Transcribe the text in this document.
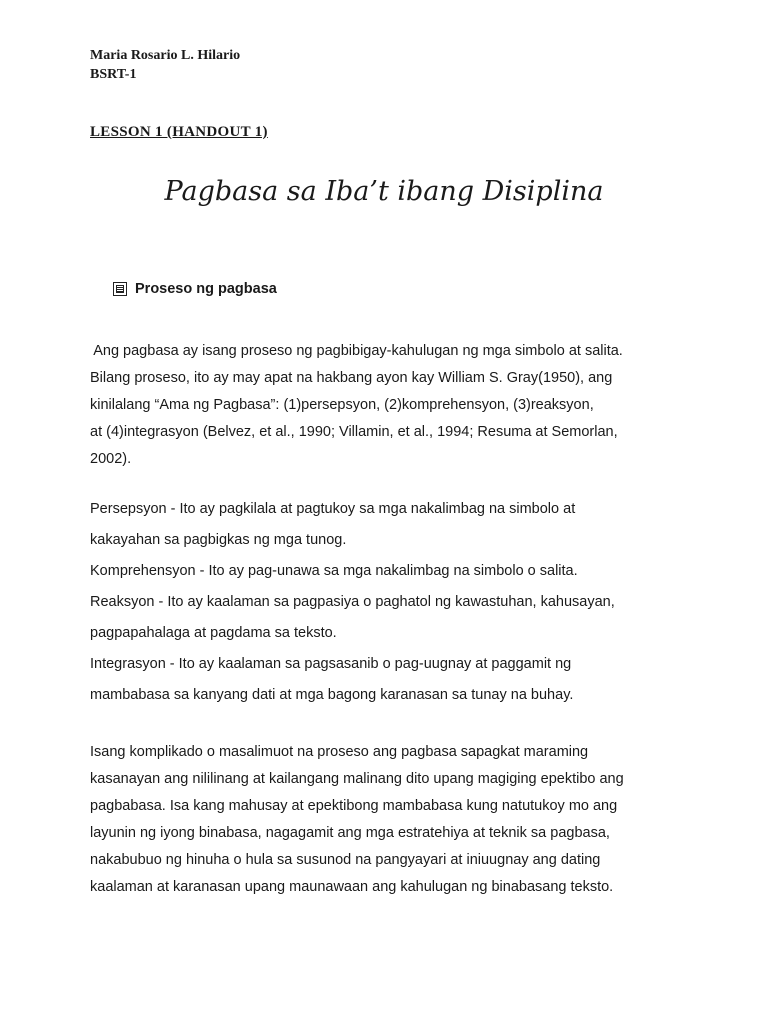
Maria Rosario L. Hilario
BSRT-1
LESSON 1 (HANDOUT 1)
Pagbasa sa Iba’t ibang Disiplina
Proseso ng pagbasa
Ang pagbasa ay isang proseso ng pagbibigay-kahulugan ng mga simbolo at salita.
Bilang proseso, ito ay may apat na hakbang ayon kay William S. Gray(1950), ang
kinilalang “Ama ng Pagbasa”: (1)persepsyon, (2)komprehensyon, (3)reaksyon,
at (4)integrasyon (Belvez, et al., 1990; Villamin, et al., 1994; Resuma at Semorlan,
2002).
Persepsyon - Ito ay pagkilala at pagtukoy sa mga nakalimbag na simbolo at
kakayahan sa pagbigkas ng mga tunog.
Komprehensyon - Ito ay pag-unawa sa mga nakalimbag na simbolo o salita.
Reaksyon - Ito ay kaalaman sa pagpasiya o paghatol ng kawastuhan, kahusayan,
pagpapahalaga at pagdama sa teksto.
Integrasyon - Ito ay kaalaman sa pagsasanib o pag-uugnay at paggamit ng
mambabasa sa kanyang dati at mga bagong karanasan sa tunay na buhay.
Isang komplikado o masalimuot na proseso ang pagbasa sapagkat maraming
kasanayan ang nililinang at kailangang malinang dito upang magiging epektibo ang
pagbabasa. Isa kang mahusay at epektibong mambabasa kung natutukoy mo ang
layunin ng iyong binabasa, nagagamit ang mga estratehiya at teknik sa pagbasa,
nakabubuo ng hinuha o hula sa susunod na pangyayari at iniuugnay ang dating
kaalaman at karanasan upang maunawaan ang kahulugan ng binabasang teksto.
